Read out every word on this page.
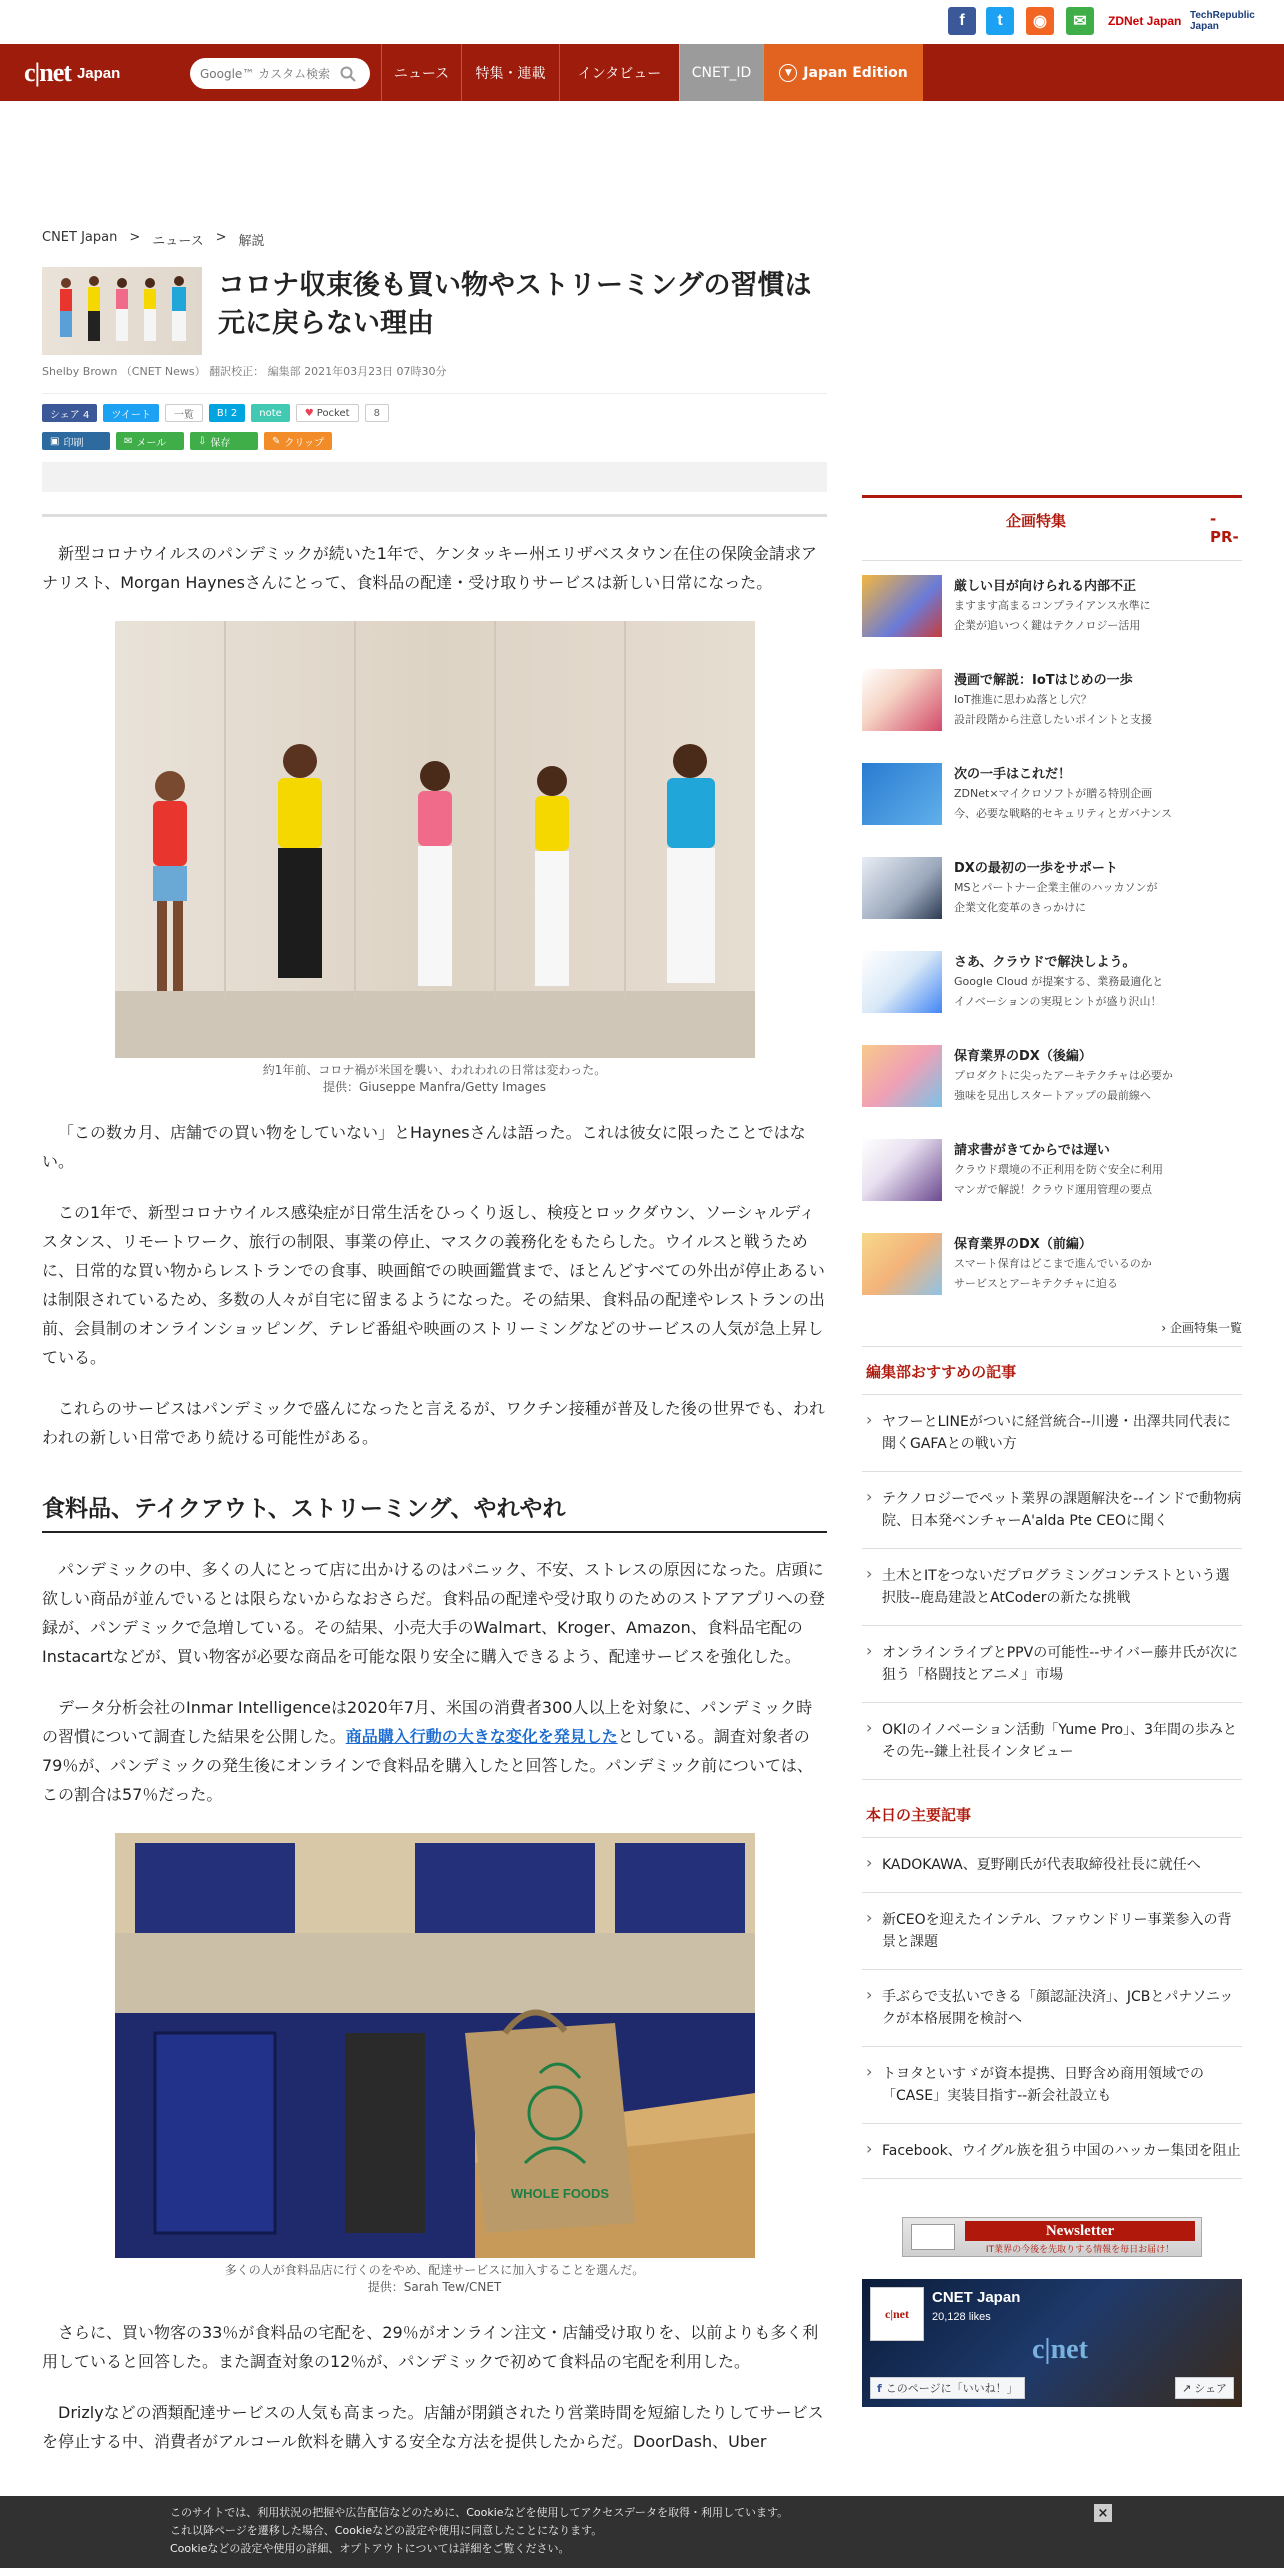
f	t	◉	✉	ZDNet Japan TechRepublic Japan
c|net Japan
Google™ カスタム検索	ニュース 特集・連載 インタビュー CNET_ID	▼ Japan Edition
CNET Japan > ニュース > 解説
コロナ収束後も買い物やストリーミングの習慣は元に戻らない理由
Shelby Brown （CNET News） 翻訳校正： 編集部 2021年03月23日 07時30分
シェア 4 ツイート 一覧 B! 2 note ♥ Pocket 8
▣ 印刷	✉ メール	⇩ 保存	✎ クリップ

新型コロナウイルスのパンデミックが続いた1年で、ケンタッキー州エリザベスタウン在住の保険金請求アナリスト、Morgan Haynesさんにとって、食料品の配達・受け取りサービスは新しい日常になった。

約1年前、コロナ禍が米国を襲い、われわれの日常は変わった。
提供：Giuseppe Manfra/Getty Images

「この数カ月、店舗での買い物をしていない」とHaynesさんは語った。これは彼女に限ったことではない。

この1年で、新型コロナウイルス感染症が日常生活をひっくり返し、検疫とロックダウン、ソーシャルディスタンス、リモートワーク、旅行の制限、事業の停止、マスクの義務化をもたらした。ウイルスと戦うために、日常的な買い物からレストランでの食事、映画館での映画鑑賞まで、ほとんどすべての外出が停止あるいは制限されているため、多数の人々が自宅に留まるようになった。その結果、食料品の配達やレストランの出前、会員制のオンラインショッピング、テレビ番組や映画のストリーミングなどのサービスの人気が急上昇している。

これらのサービスはパンデミックで盛んになったと言えるが、ワクチン接種が普及した後の世界でも、われわれの新しい日常であり続ける可能性がある。

食料品、テイクアウト、ストリーミング、やれやれ

パンデミックの中、多くの人にとって店に出かけるのはパニック、不安、ストレスの原因になった。店頭に欲しい商品が並んでいるとは限らないからなおさらだ。食料品の配達や受け取りのためのストアアプリへの登録が、パンデミックで急増している。その結果、小売大手のWalmart、Kroger、Amazon、食料品宅配のInstacartなどが、買い物客が必要な商品を可能な限り安全に購入できるよう、配達サービスを強化した。

データ分析会社のInmar Intelligenceは2020年7月、米国の消費者300人以上を対象に、パンデミック時の習慣について調査した結果を公開した。商品購入行動の大きな変化を発見したとしている。調査対象者の79％が、パンデミックの発生後にオンラインで食料品を購入したと回答した。パンデミック前については、この割合は57％だった。

WHOLE FOODS
多くの人が食料品店に行くのをやめ、配達サービスに加入することを選んだ。
提供：Sarah Tew/CNET

さらに、買い物客の33％が食料品の宅配を、29％がオンライン注文・店舗受け取りを、以前よりも多く利用していると回答した。また調査対象の12％が、パンデミックで初めて食料品の宅配を利用した。

Drizlyなどの酒類配達サービスの人気も高まった。店舗が閉鎖されたり営業時間を短縮したりしてサービスを停止する中、消費者がアルコール飲料を購入する安全な方法を提供したからだ。DoorDash、Uber

企画特集	-PR-
厳しい目が向けられる内部不正
ますます高まるコンプライアンス水準に
企業が追いつく鍵はテクノロジー活用
漫画で解説：IoTはじめの一歩
IoT推進に思わぬ落とし穴？
設計段階から注意したいポイントと支援
次の一手はこれだ！
ZDNet×マイクロソフトが贈る特別企画
今、必要な戦略的セキュリティとガバナンス
DXの最初の一歩をサポート
MSとパートナー企業主催のハッカソンが
企業文化変革のきっかけに
さあ、クラウドで解決しよう。
Google Cloud が提案する、業務最適化と
イノベーションの実現ヒントが盛り沢山！
保育業界のDX（後編）
プロダクトに尖ったアーキテクチャは必要か
強味を見出しスタートアップの最前線へ
請求書がきてからでは遅い
クラウド環境の不正利用を防ぐ安全に利用
マンガで解説！クラウド運用管理の要点
保育業界のDX（前編）
スマート保育はどこまで進んでいるのか
サービスとアーキテクチャに迫る
› 企画特集一覧
編集部おすすめの記事
› ヤフーとLINEがついに経営統合--川邊・出澤共同代表に聞くGAFAとの戦い方
› テクノロジーでペット業界の課題解決を--インドで動物病院、日本発ベンチャーA'alda Pte CEOに聞く
› 土木とITをつないだプログラミングコンテストという選択肢--鹿島建設とAtCoderの新たな挑戦
› オンラインライブとPPVの可能性--サイバー藤井氏が次に狙う「格闘技とアニメ」市場
› OKIのイノベーション活動「Yume Pro」、3年間の歩みとその先--鎌上社長インタビュー
本日の主要記事
› KADOKAWA、夏野剛氏が代表取締役社長に就任へ
› 新CEOを迎えたインテル、ファウンドリー事業参入の背景と課題
› 手ぶらで支払いできる「顔認証決済」、JCBとパナソニックが本格展開を検討へ
› トヨタといすゞが資本提携、日野含め商用領域での「CASE」実装目指す--新会社設立も
› Facebook、ウイグル族を狙う中国のハッカー集団を阻止
Newsletter
IT業界の今後を先取りする情報を毎日お届け！
c|net
CNET Japan
20,128 likes
c|net
f このページに「いいね！」	↗ シェア
このサイトでは、利用状況の把握や広告配信などのために、Cookieなどを使用してアクセスデータを取得・利用しています。
これ以降ページを遷移した場合、Cookieなどの設定や使用に同意したことになります。
Cookieなどの設定や使用の詳細、オプトアウトについては詳細をご覧ください。
×
